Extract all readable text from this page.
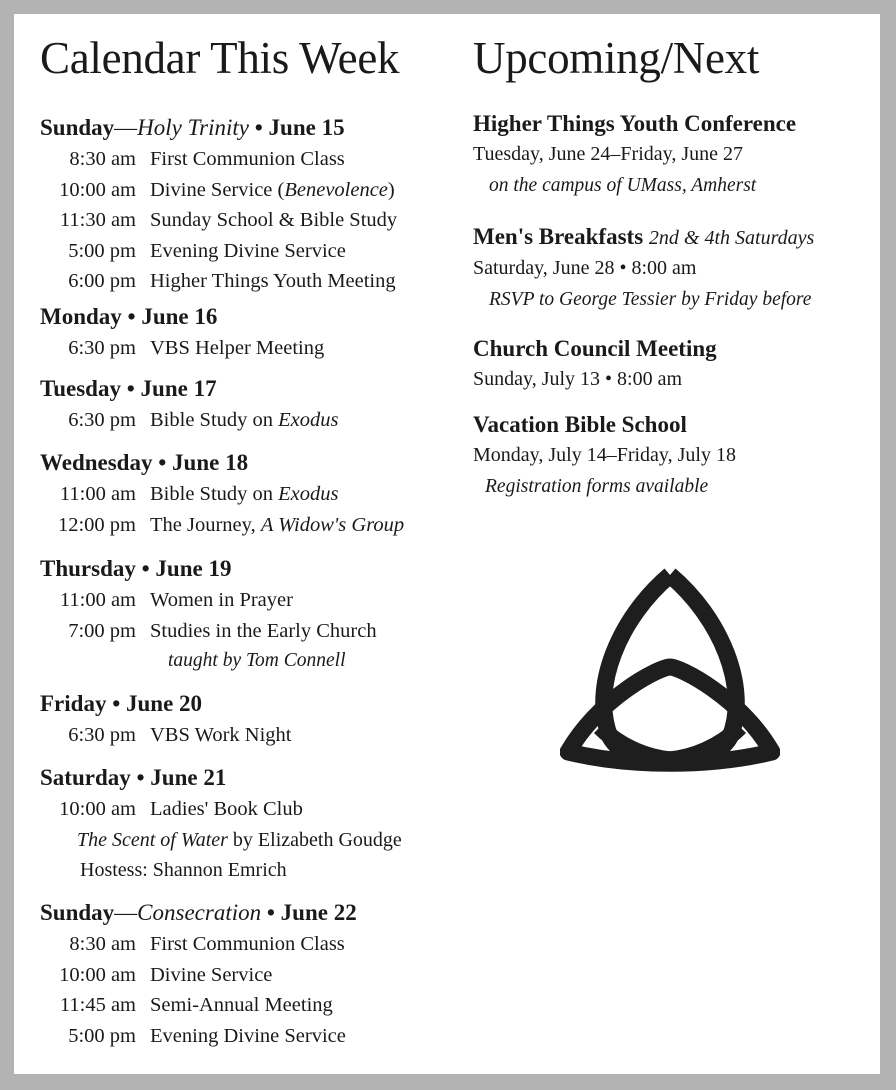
Calendar This Week
Sunday—Holy Trinity • June 15
8:30 am First Communion Class
10:00 am Divine Service (Benevolence)
11:30 am Sunday School & Bible Study
5:00 pm Evening Divine Service
6:00 pm Higher Things Youth Meeting
Monday • June 16
6:30 pm VBS Helper Meeting
Tuesday • June 17
6:30 pm Bible Study on Exodus
Wednesday • June 18
11:00 am Bible Study on Exodus
12:00 pm The Journey, A Widow's Group
Thursday • June 19
11:00 am Women in Prayer
7:00 pm Studies in the Early Church
taught by Tom Connell
Friday • June 20
6:30 pm VBS Work Night
Saturday • June 21
10:00 am Ladies' Book Club
The Scent of Water by Elizabeth Goudge
Hostess: Shannon Emrich
Sunday—Consecration • June 22
8:30 am First Communion Class
10:00 am Divine Service
11:45 am Semi-Annual Meeting
5:00 pm Evening Divine Service
Upcoming/Next
Higher Things Youth Conference
Tuesday, June 24–Friday, June 27
on the campus of UMass, Amherst
Men's Breakfasts 2nd & 4th Saturdays
Saturday, June 28 • 8:00 am
RSVP to George Tessier by Friday before
Church Council Meeting
Sunday, July 13 • 8:00 am
Vacation Bible School
Monday, July 14–Friday, July 18
Registration forms available
